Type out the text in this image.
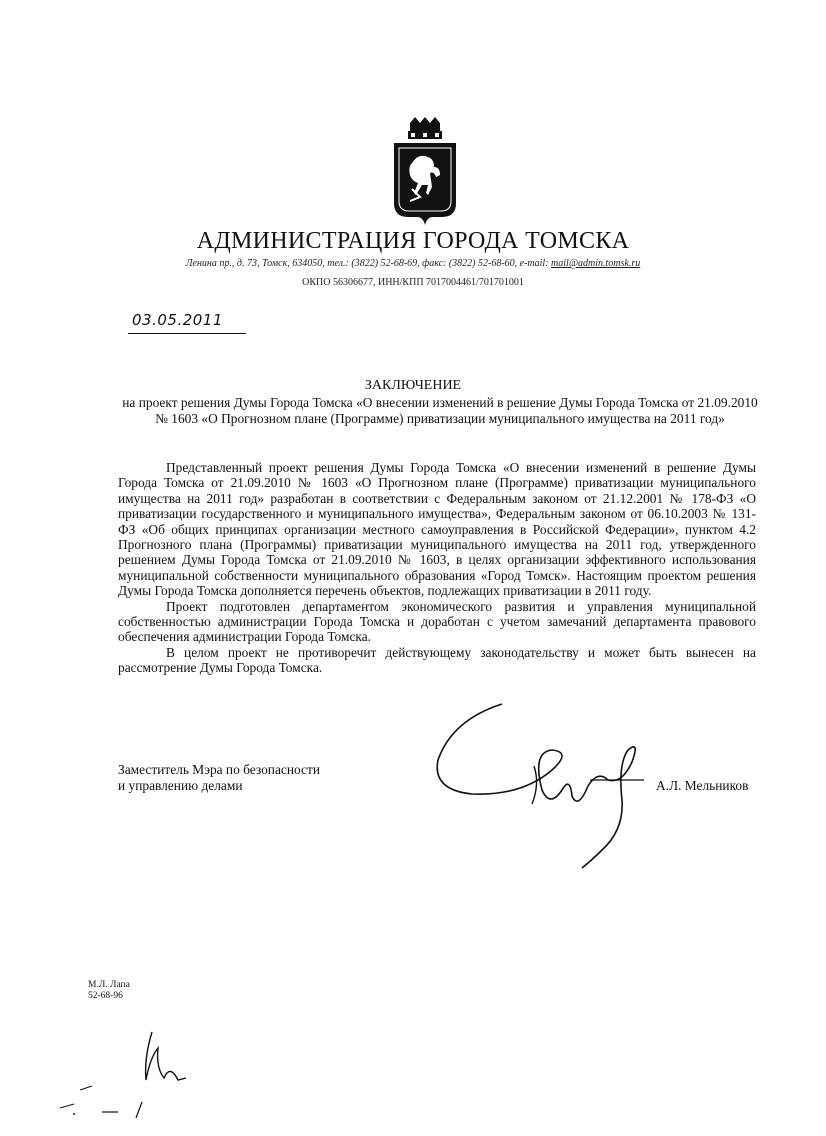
АДМИНИСТРАЦИЯ ГОРОДА ТОМСКА
Ленина пр., д. 73, Томск, 634050, тел.: (3822) 52-68-69, факс: (3822) 52-68-60, e-mail: mail@admin.tomsk.ru
ОКПО 56306677, ИНН/КПП 7017004461/701701001
03.05.2011
ЗАКЛЮЧЕНИЕ
на проект решения Думы Города Томска «О внесении изменений в решение Думы Города Томска от 21.09.2010 № 1603 «О Прогнозном плане (Программе) приватизации муниципального имущества на 2011 год»

Представленный проект решения Думы Города Томска «О внесении изменений в решение Думы Города Томска от 21.09.2010 № 1603 «О Прогнозном плане (Программе) приватизации муниципального имущества на 2011 год» разработан в соответствии с Федеральным законом от 21.12.2001 № 178-ФЗ «О приватизации государственного и муниципального имущества», Федеральным законом от 06.10.2003 № 131-ФЗ «Об общих принципах организации местного самоуправления в Российской Федерации», пунктом 4.2 Прогнозного плана (Программы) приватизации муниципального имущества на 2011 год, утвержденного решением Думы Города Томска от 21.09.2010 № 1603, в целях организации эффективного использования муниципальной собственности муниципального образования «Город Томск». Настоящим проектом решения Думы Города Томска дополняется перечень объектов, подлежащих приватизации в 2011 году.

Проект подготовлен департаментом экономического развития и управления муниципальной собственностью администрации Города Томска и доработан с учетом замечаний департамента правового обеспечения администрации Города Томска.

В целом проект не противоречит действующему законодательству и может быть вынесен на рассмотрение Думы Города Томска.

Заместитель Мэра по безопасности
и управлению делами	А.Л. Мельников
М.Л. Лапа
52-68-96
